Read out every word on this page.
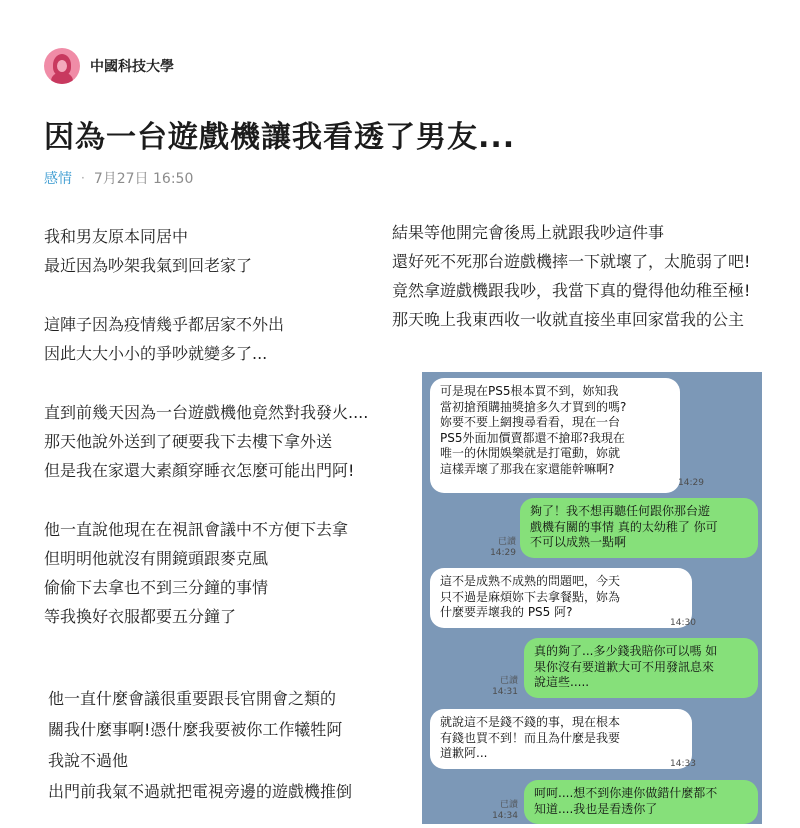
中國科技大學
因為一台遊戲機讓我看透了男友...
感情 · 7月27日 16:50
我和男友原本同居中
最近因為吵架我氣到回老家了
這陣子因為疫情幾乎都居家不外出
因此大大小小的爭吵就變多了...
直到前幾天因為一台遊戲機他竟然對我發火....
那天他說外送到了硬要我下去樓下拿外送
但是我在家還大素顏穿睡衣怎麼可能出門阿!
他一直說他現在在視訊會議中不方便下去拿
但明明他就沒有開鏡頭跟麥克風
偷偷下去拿也不到三分鐘的事情
等我換好衣服都要五分鐘了
他一直什麼會議很重要跟長官開會之類的
關我什麼事啊!憑什麼我要被你工作犧牲阿
我說不過他
出門前我氣不過就把電視旁邊的遊戲機推倒
結果等他開完會後馬上就跟我吵這件事
還好死不死那台遊戲機摔一下就壞了，太脆弱了吧!
竟然拿遊戲機跟我吵，我當下真的覺得他幼稚至極!
那天晚上我東西收一收就直接坐車回家當我的公主
可是現在PS5根本買不到，妳知我
當初搶預購抽獎搶多久才買到的嗎?
妳要不要上網搜尋看看，現在一台
PS5外面加價賣都還不搶耶?我現在
唯一的休閒娛樂就是打電動，妳就
這樣弄壞了那我在家還能幹嘛啊?
14:29
已讀
14:29
夠了！我不想再聽任何跟你那台遊
戲機有關的事情 真的太幼稚了 你可
不可以成熟一點啊
這不是成熟不成熟的問題吧，今天
只不過是麻煩妳下去拿餐點，妳為
什麼要弄壞我的 PS5 阿?
14:30
已讀
14:31
真的夠了...多少錢我賠你可以嗎 如
果你沒有要道歉大可不用發訊息來
說這些.....
就說這不是錢不錢的事，現在根本
有錢也買不到！而且為什麼是我要
道歉阿...
14:33
已讀
14:34
呵呵....想不到你連你做錯什麼都不
知道....我也是看透你了
